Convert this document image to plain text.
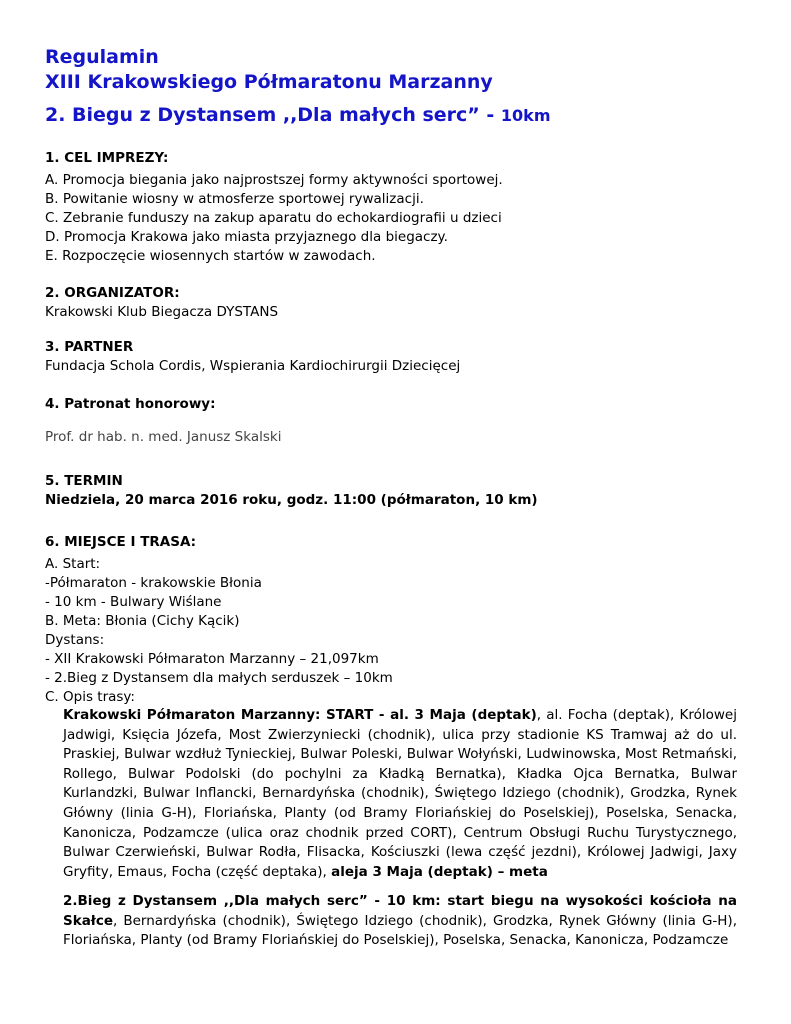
Regulamin

XIII Krakowskiego Półmaratonu Marzanny

2. Biegu z Dystansem ,,Dla małych serc” - 10km

1. CEL IMPREZY:

A. Promocja biegania jako najprostszej formy aktywności sportowej.

B. Powitanie wiosny w atmosferze sportowej rywalizacji.

C. Zebranie funduszy na zakup aparatu do echokardiografii u dzieci

D. Promocja Krakowa jako miasta przyjaznego dla biegaczy.

E. Rozpoczęcie wiosennych startów w zawodach.

2. ORGANIZATOR:

Krakowski Klub Biegacza DYSTANS

3. PARTNER

Fundacja Schola Cordis, Wspierania Kardiochirurgii Dziecięcej

4. Patronat honorowy:

Prof. dr hab. n. med. Janusz Skalski

5. TERMIN

Niedziela, 20 marca 2016 roku, godz. 11:00 (półmaraton, 10 km)

6. MIEJSCE I TRASA:

A. Start:

-Półmaraton - krakowskie Błonia

- 10 km - Bulwary Wiślane

B. Meta: Błonia (Cichy Kącik)

Dystans:

- XII Krakowski Półmaraton Marzanny – 21,097km

- 2.Bieg z Dystansem dla małych serduszek – 10km

C. Opis trasy:

Krakowski Półmaraton Marzanny: START - al. 3 Maja (deptak), al. Focha (deptak), Królowej Jadwigi, Księcia Józefa, Most Zwierzyniecki (chodnik), ulica przy stadionie KS Tramwaj aż do ul. Praskiej, Bulwar wzdłuż Tynieckiej, Bulwar Poleski, Bulwar Wołyński, Ludwinowska, Most Retmański, Rollego, Bulwar Podolski (do pochylni za Kładką Bernatka), Kładka Ojca Bernatka, Bulwar Kurlandzki, Bulwar Inflancki, Bernardyńska (chodnik), Świętego Idziego (chodnik), Grodzka, Rynek Główny (linia G-H), Floriańska, Planty (od Bramy Floriańskiej do Poselskiej), Poselska, Senacka, Kanonicza, Podzamcze (ulica oraz chodnik przed CORT), Centrum Obsługi Ruchu Turystycznego, Bulwar Czerwieński, Bulwar Rodła, Flisacka, Kościuszki (lewa część jezdni), Królowej Jadwigi, Jaxy Gryfity, Emaus, Focha (część deptaka), aleja 3 Maja (deptak) – meta

2.Bieg z Dystansem ,,Dla małych serc” - 10 km: start biegu na wysokości kościoła na Skałce, Bernardyńska (chodnik), Świętego Idziego (chodnik), Grodzka, Rynek Główny (linia G-H), Floriańska, Planty (od Bramy Floriańskiej do Poselskiej), Poselska, Senacka, Kanonicza, Podzamcze
